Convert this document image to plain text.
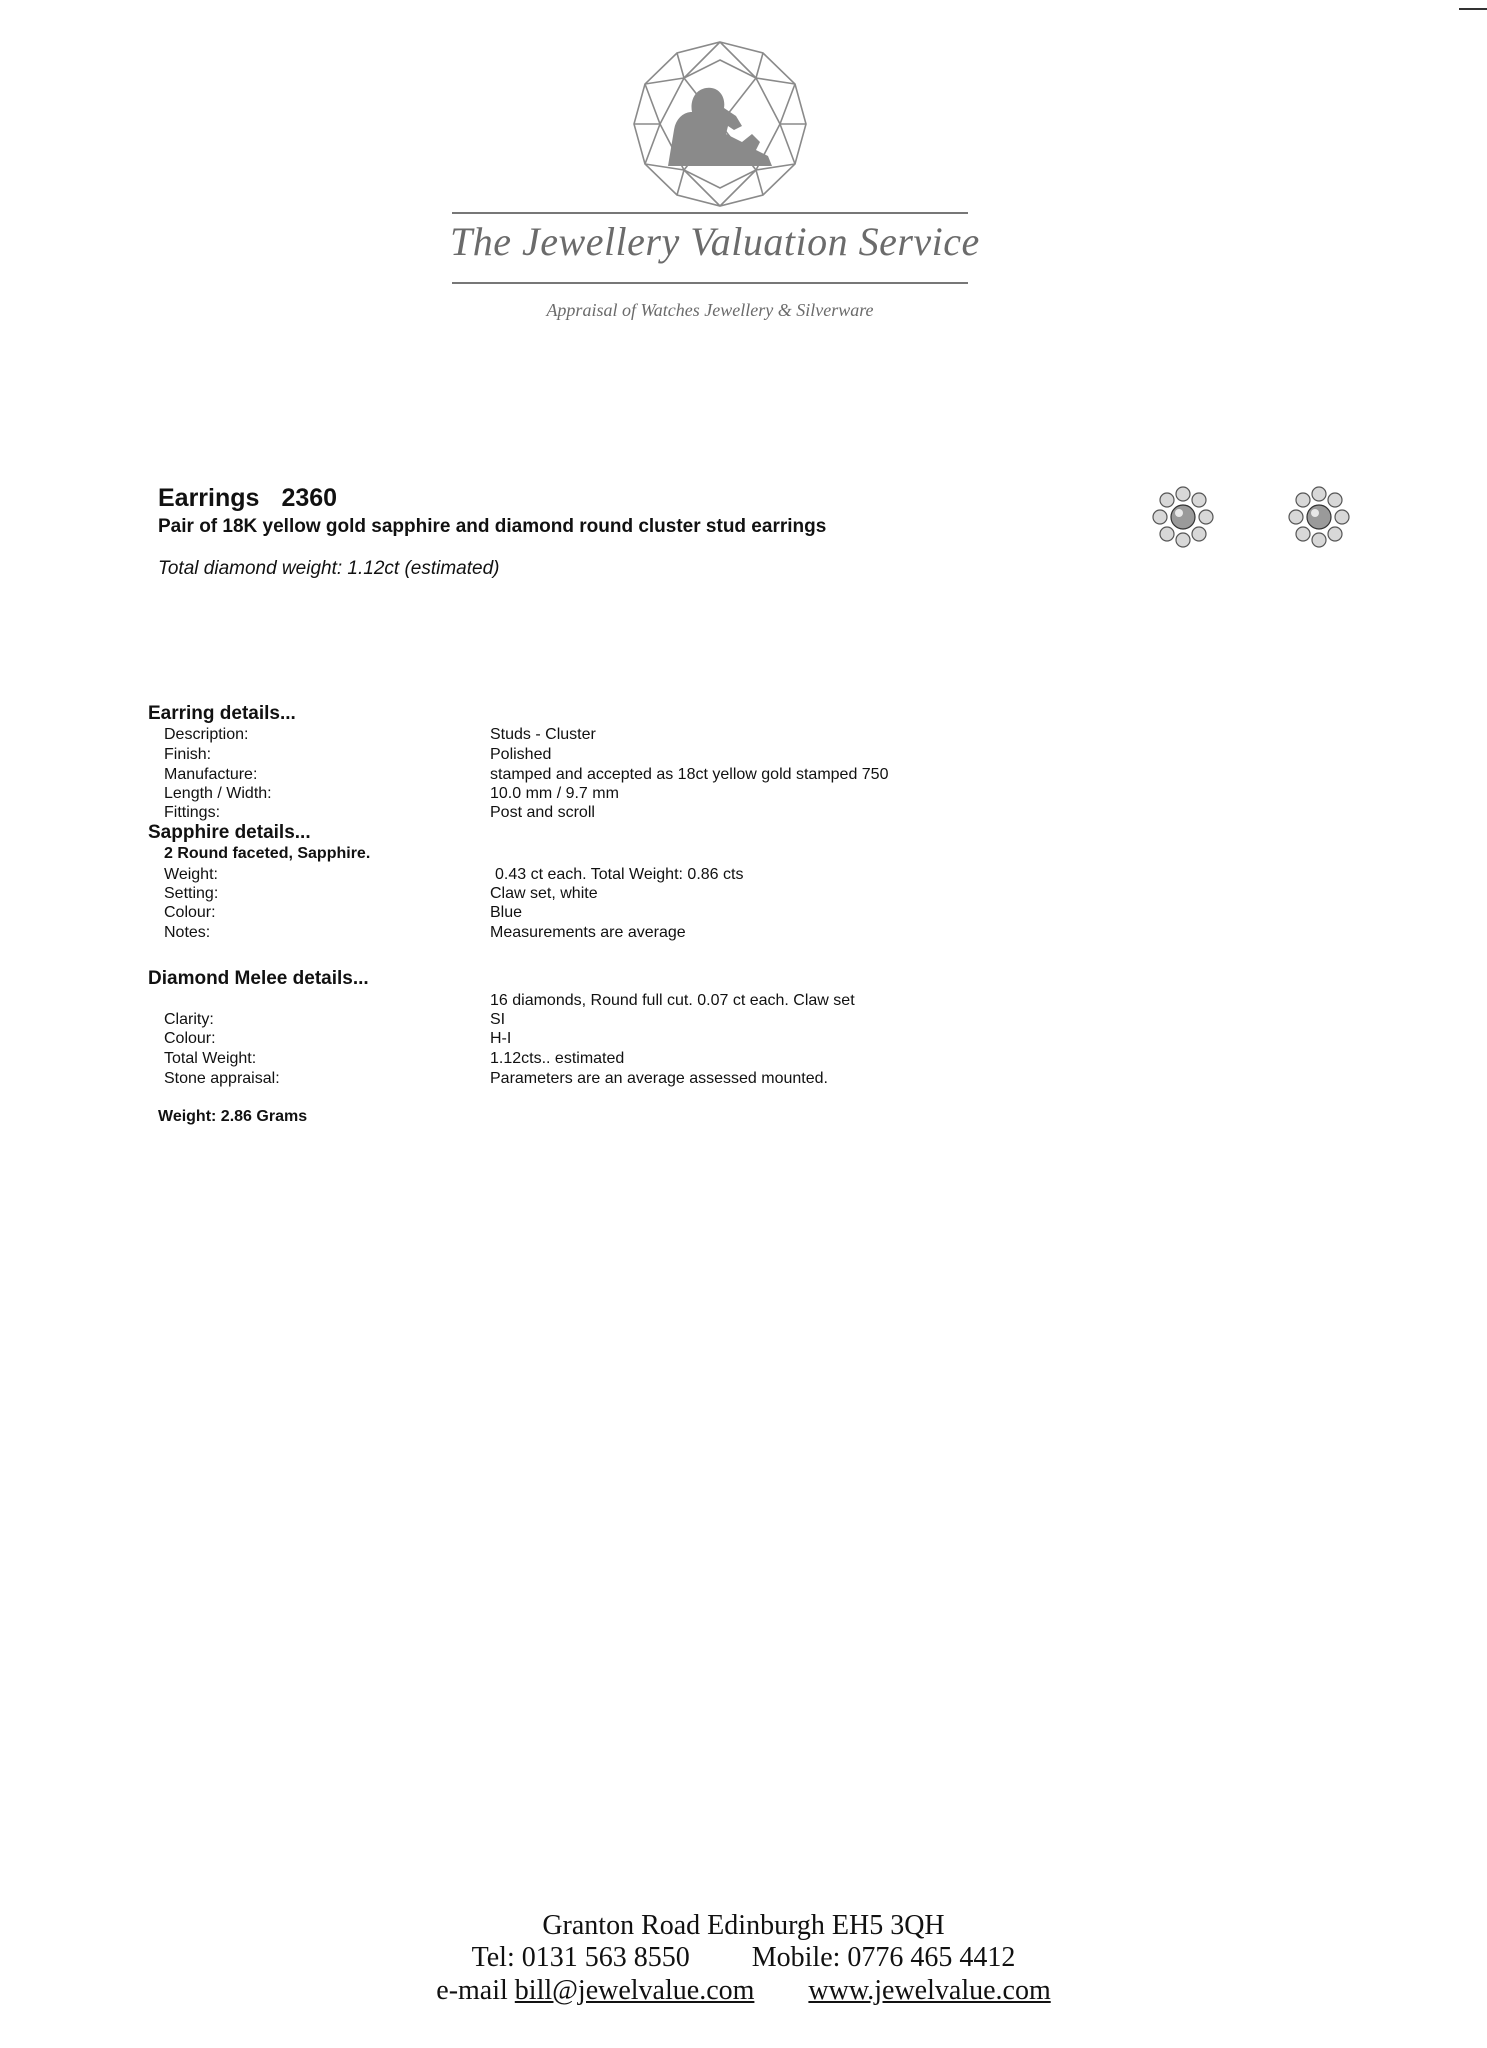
The Jewellery Valuation Service
Appraisal of Watches Jewellery & Silverware
Earrings 2360
Pair of 18K yellow gold sapphire and diamond round cluster stud earrings
Total diamond weight: 1.12ct (estimated)
Earring details...
Description:	Studs - Cluster
Finish:	Polished
Manufacture:	stamped and accepted as 18ct yellow gold stamped 750
Length / Width:	10.0 mm / 9.7 mm
Fittings:	Post and scroll
Sapphire details...
2 Round faceted, Sapphire.
Weight:	0.43 ct each. Total Weight: 0.86 cts
Setting:	Claw set, white
Colour:	Blue
Notes:	Measurements are average
Diamond Melee details...
16 diamonds, Round full cut. 0.07 ct each. Claw set
Clarity:	SI
Colour:	H-I
Total Weight:	1.12cts.. estimated
Stone appraisal:	Parameters are an average assessed mounted.
Weight: 2.86 Grams
Granton Road Edinburgh EH5 3QH
Tel: 0131 563 8550 Mobile: 0776 465 4412
e-mail bill@jewelvalue.com www.jewelvalue.com
